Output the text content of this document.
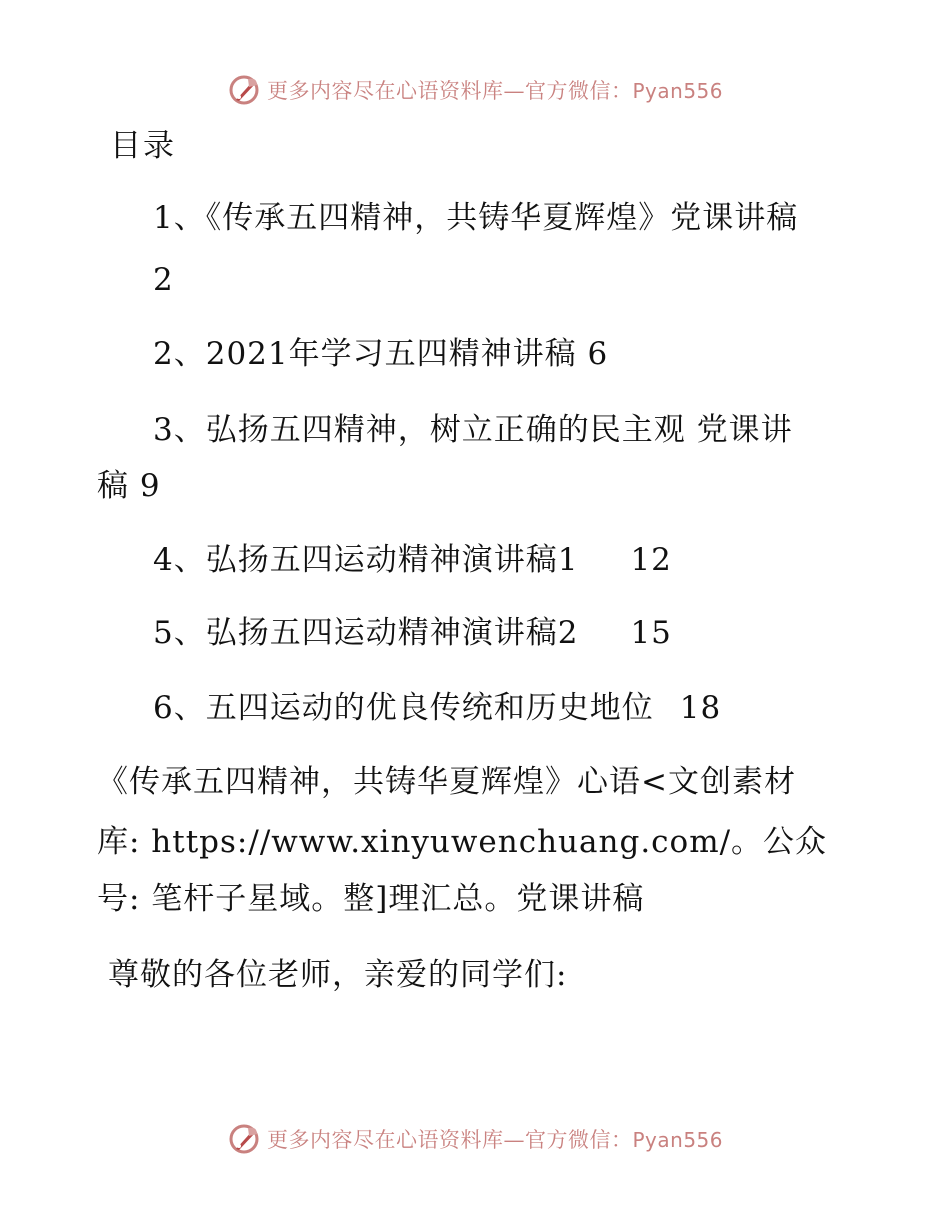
更多内容尽在心语资料库—官方微信：Pyan556
目录
1、《传承五四精神，共铸华夏辉煌》党课讲稿
2
2、2021年学习五四精神讲稿 6
3、弘扬五四精神，树立正确的民主观 党课讲
稿 9
4、弘扬五四运动精神演讲稿1 12
5、弘扬五四运动精神演讲稿2 15
6、五四运动的优良传统和历史地位 18
《传承五四精神，共铸华夏辉煌》心语<文创素材
库: https://www.xinyuwenchuang.com/。公众
号: 笔杆子星域。整]理汇总。党课讲稿
尊敬的各位老师，亲爱的同学们:
更多内容尽在心语资料库—官方微信：Pyan556
